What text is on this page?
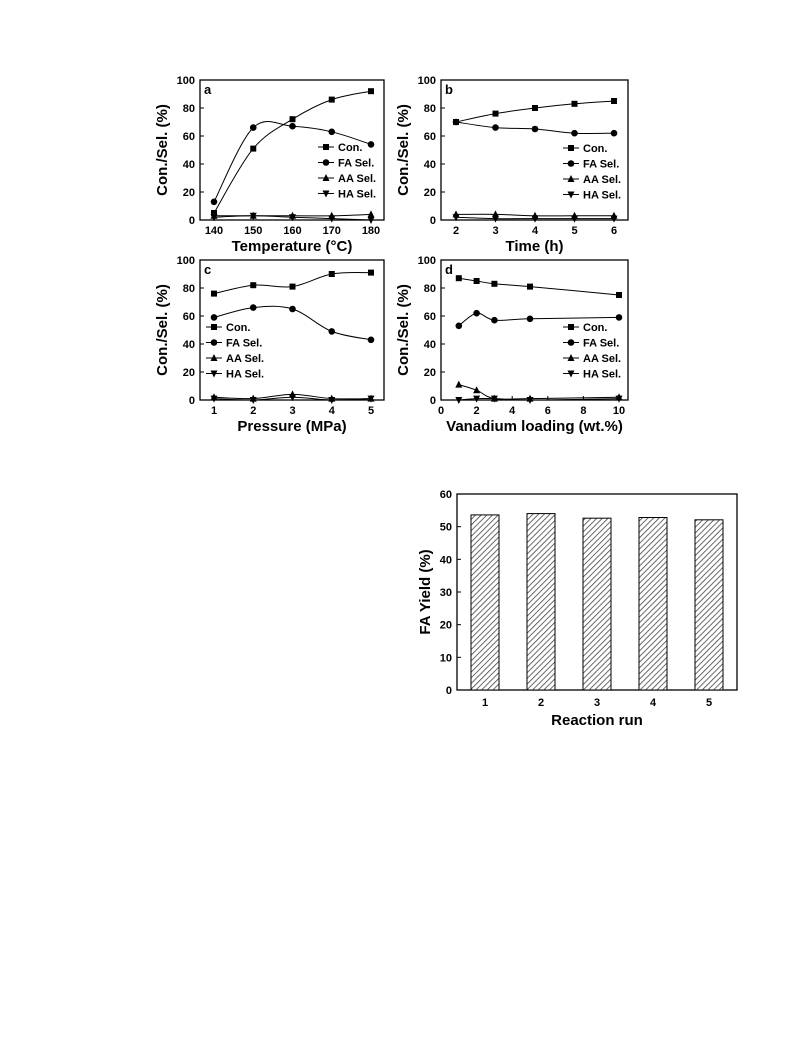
0
20
40
60
80
100
Con./Sel. (%)
140 150 160 170 180
Temperature (°C)
a
Con.
FA Sel.
AA Sel.
HA Sel.
0
20
40
60
80
100
Con./Sel. (%)
2	3	4	5	6
Time (h)
b
Con.
FA Sel.
AA Sel.
HA Sel.
0
20
40
60
80
100
Con./Sel. (%)
1	2	3	4	5
Pressure (MPa)
c
Con.
FA Sel.
AA Sel.
HA Sel.
0
20
40
60
80
100
Con./Sel. (%)
0	2	4	6	8 10
Vanadium loading (wt.%)
d
Con.
FA Sel.
AA Sel.
HA Sel.
0
10
20
30
40
50
60
FA Yield (%)
1	2	3	4	5
Reaction run
